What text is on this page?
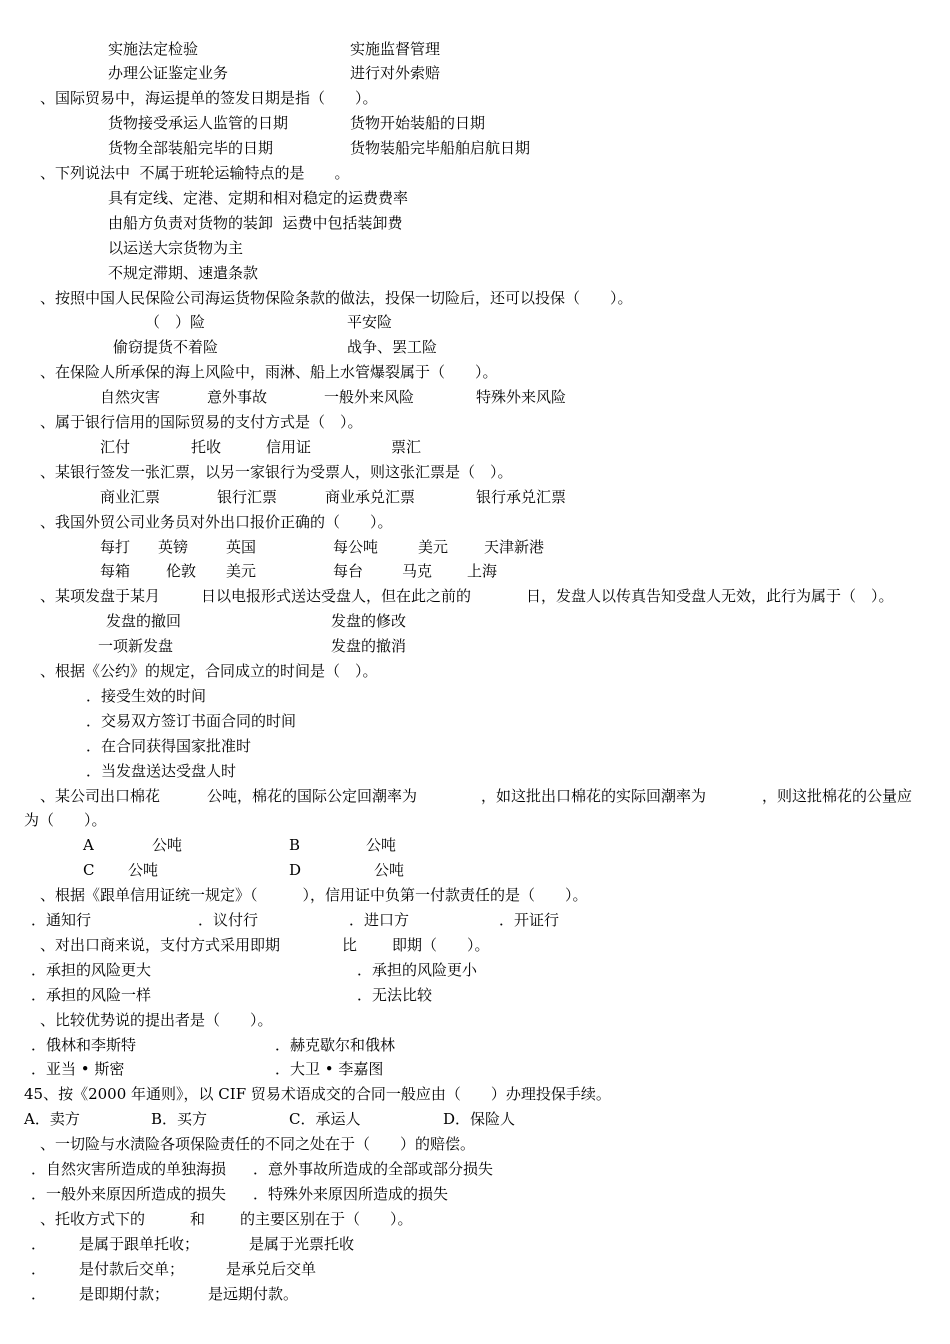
实施法定检验	实施监督管理
办理公证鉴定业务	进行对外索赔
、国际贸易中，海运提单的签发日期是指（　　）。
货物接受承运人监管的日期	货物开始装船的日期
货物全部装船完毕的日期	货物装船完毕船舶启航日期
、下列说法中  不属于班轮运输特点的是　　。
具有定线、定港、定期和相对稳定的运费费率
由船方负责对货物的装卸  运费中包括装卸费
以运送大宗货物为主
不规定滞期、速遣条款
、按照中国人民保险公司海运货物保险条款的做法，投保一切险后，还可以投保（　　）。
（　）险	平安险
偷窃提货不着险	战争、罢工险
、在保险人所承保的海上风险中，雨淋、船上水管爆裂属于（　　）。
自然灾害	意外事故	一般外来风险	特殊外来风险
、属于银行信用的国际贸易的支付方式是（　）。
汇付	托收	信用证	票汇
、某银行签发一张汇票，以另一家银行为受票人，则这张汇票是（　）。
商业汇票	银行汇票	商业承兑汇票	银行承兑汇票
、我国外贸公司业务员对外出口报价正确的（　　）。
每打 英镑	英国	每公吨	美元 天津新港
每箱 伦敦 美元	每台	马克 上海
、某项发盘于某月	日以电报形式送达受盘人，但在此之前的	日，发盘人以传真告知受盘人无效，此行为属于（　）。
发盘的撤回	发盘的修改
一项新发盘	发盘的撤消
、根据《公约》的规定，合同成立的时间是（　）。
．接受生效的时间
．交易双方签订书面合同的时间
．在合同获得国家批准时
．当发盘送达受盘人时
、某公司出口棉花	公吨，棉花的国际公定回潮率为	，如这批出口棉花的实际回潮率为	，则这批棉花的公量应
为（　　）。
A	公吨	B	公吨
C 公吨	D	公吨
、根据《跟单信用证统一规定》（　　　），信用证中负第一付款责任的是（　　）。
．通知行	．议付行	．进口方	．开证行
、对出口商来说，支付方式采用即期	比 即期（　　）。
．承担的风险更大	．承担的风险更小
．承担的风险一样	．无法比较
、比较优势说的提出者是（　　）。
．俄林和李斯特	．赫克歇尔和俄林
．亚当 • 斯密	．大卫 • 李嘉图
45、按《2000 年通则》，以 CIF 贸易术语成交的合同一般应由（　　）办理投保手续。
A．卖方	B．买方	C．承运人	D．保险人
、一切险与水渍险各项保险责任的不同之处在于（　　）的赔偿。
．自然灾害所造成的单独海损 ．意外事故所造成的全部或部分损失
．一般外来原因所造成的损失 ．特殊外来原因所造成的损失
、托收方式下的	和 的主要区别在于（　　）。
． 是属于跟单托收；	是属于光票托收
． 是付款后交单；	是承兑后交单
． 是即期付款；	是远期付款。
